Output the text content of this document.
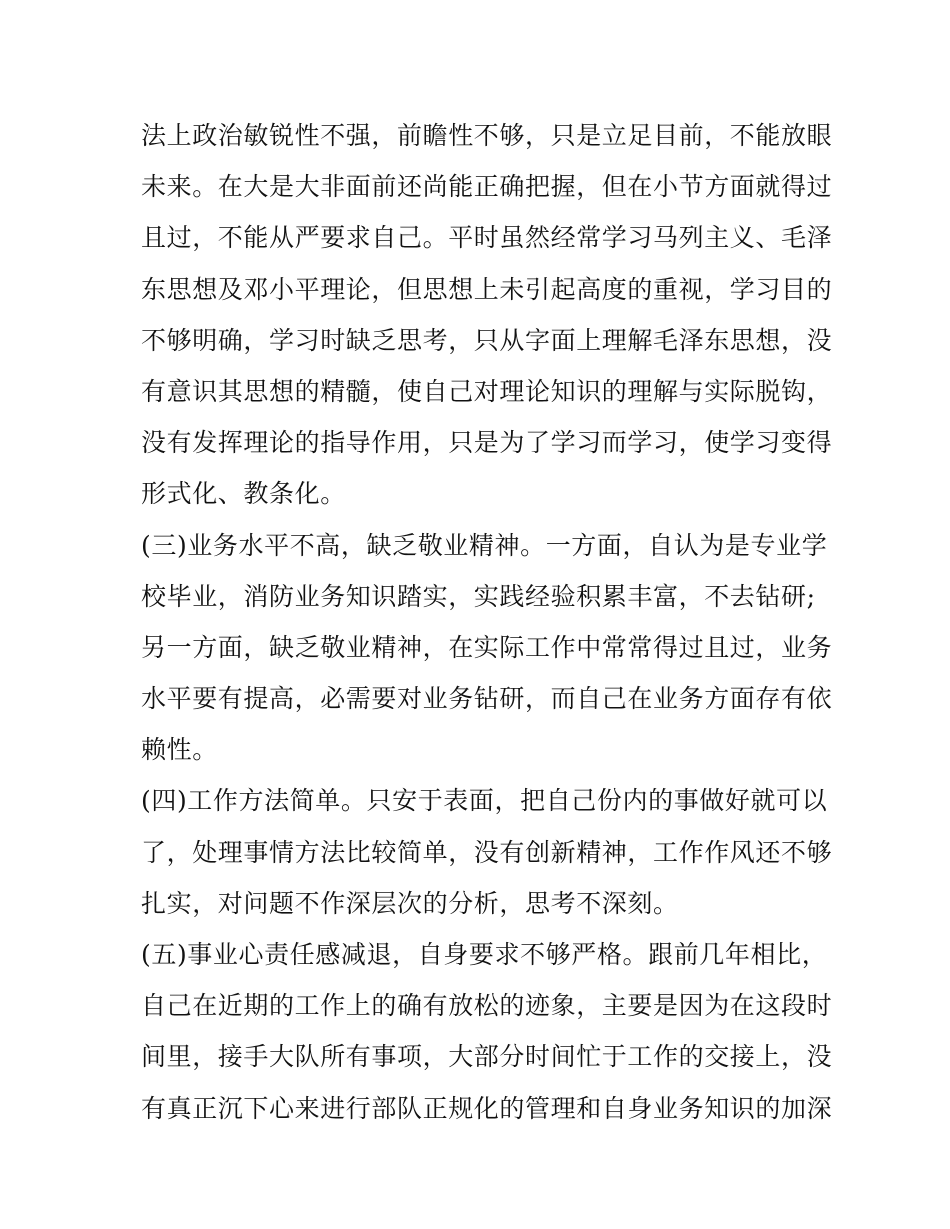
法上政治敏锐性不强，前瞻性不够，只是立足目前，不能放眼
未来。在大是大非面前还尚能正确把握，但在小节方面就得过
且过，不能从严要求自己。平时虽然经常学习马列主义、毛泽
东思想及邓小平理论，但思想上未引起高度的重视，学习目的
不够明确，学习时缺乏思考，只从字面上理解毛泽东思想，没
有意识其思想的精髓，使自己对理论知识的理解与实际脱钩，
没有发挥理论的指导作用，只是为了学习而学习，使学习变得
形式化、教条化。
(三)业务水平不高，缺乏敬业精神。一方面，自认为是专业学
校毕业，消防业务知识踏实，实践经验积累丰富，不去钻研;
另一方面，缺乏敬业精神，在实际工作中常常得过且过，业务
水平要有提高，必需要对业务钻研，而自己在业务方面存有依
赖性。
(四)工作方法简单。只安于表面，把自己份内的事做好就可以
了，处理事情方法比较简单，没有创新精神，工作作风还不够
扎实，对问题不作深层次的分析，思考不深刻。
(五)事业心责任感减退，自身要求不够严格。跟前几年相比，
自己在近期的工作上的确有放松的迹象，主要是因为在这段时
间里，接手大队所有事项，大部分时间忙于工作的交接上，没
有真正沉下心来进行部队正规化的管理和自身业务知识的加深
